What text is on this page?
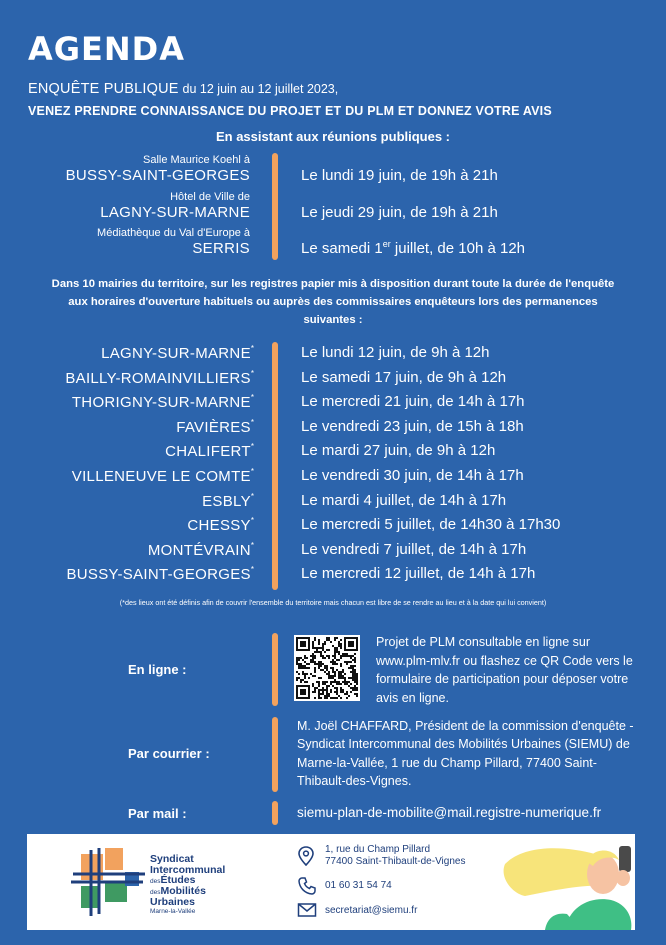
AGENDA
ENQUÊTE PUBLIQUE du 12 juin au 12 juillet 2023,
VENEZ PRENDRE CONNAISSANCE DU PROJET ET DU PLM ET DONNEZ VOTRE AVIS
En assistant aux réunions publiques :
Salle Maurice Koehl à
BUSSY-SAINT-GEORGES	Le lundi 19 juin, de 19h à 21h
Hôtel de Ville de
LAGNY-SUR-MARNE	Le jeudi 29 juin, de 19h à 21h
Médiathèque du Val d'Europe à
SERRIS	Le samedi 1er juillet, de 10h à 12h
Dans 10 mairies du territoire, sur les registres papier mis à disposition durant toute la durée de l'enquête aux horaires d'ouverture habituels ou auprès des commissaires enquêteurs lors des permanences suivantes :
LAGNY-SUR-MARNE*	Le lundi 12 juin, de 9h à 12h
BAILLY-ROMAINVILLIERS*	Le samedi 17 juin, de 9h à 12h
THORIGNY-SUR-MARNE*	Le mercredi 21 juin, de 14h à 17h
FAVIÈRES*	Le vendredi 23 juin, de 15h à 18h
CHALIFERT*	Le mardi 27 juin, de 9h à 12h
VILLENEUVE LE COMTE*	Le vendredi 30 juin, de 14h à 17h
ESBLY*	Le mardi 4 juillet, de 14h à 17h
CHESSY*	Le mercredi 5 juillet, de 14h30 à 17h30
MONTÉVRAIN*	Le vendredi 7 juillet, de 14h à 17h
BUSSY-SAINT-GEORGES*	Le mercredi 12 juillet, de 14h à 17h
(*des lieux ont été définis afin de couvrir l'ensemble du territoire mais chacun est libre de se rendre au lieu et à la date qui lui convient)
En ligne :
Projet de PLM consultable en ligne sur www.plm-mlv.fr ou flashez ce QR Code vers le formulaire de participation pour déposer votre avis en ligne.
Par courrier :
M. Joël CHAFFARD, Président de la commission d'enquête - Syndicat Intercommunal des Mobilités Urbaines (SIEMU) de Marne-la-Vallée, 1 rue du Champ Pillard, 77400 Saint-Thibault-des-Vignes.
Par mail :	siemu-plan-de-mobilite@mail.registre-numerique.fr
Syndicat
Intercommunal
desÉtudes
desMobilités
Urbaines
Marne-la-Vallée
1, rue du Champ Pillard
77400 Saint-Thibault-de-Vignes
01 60 31 54 74
secretariat@siemu.fr
